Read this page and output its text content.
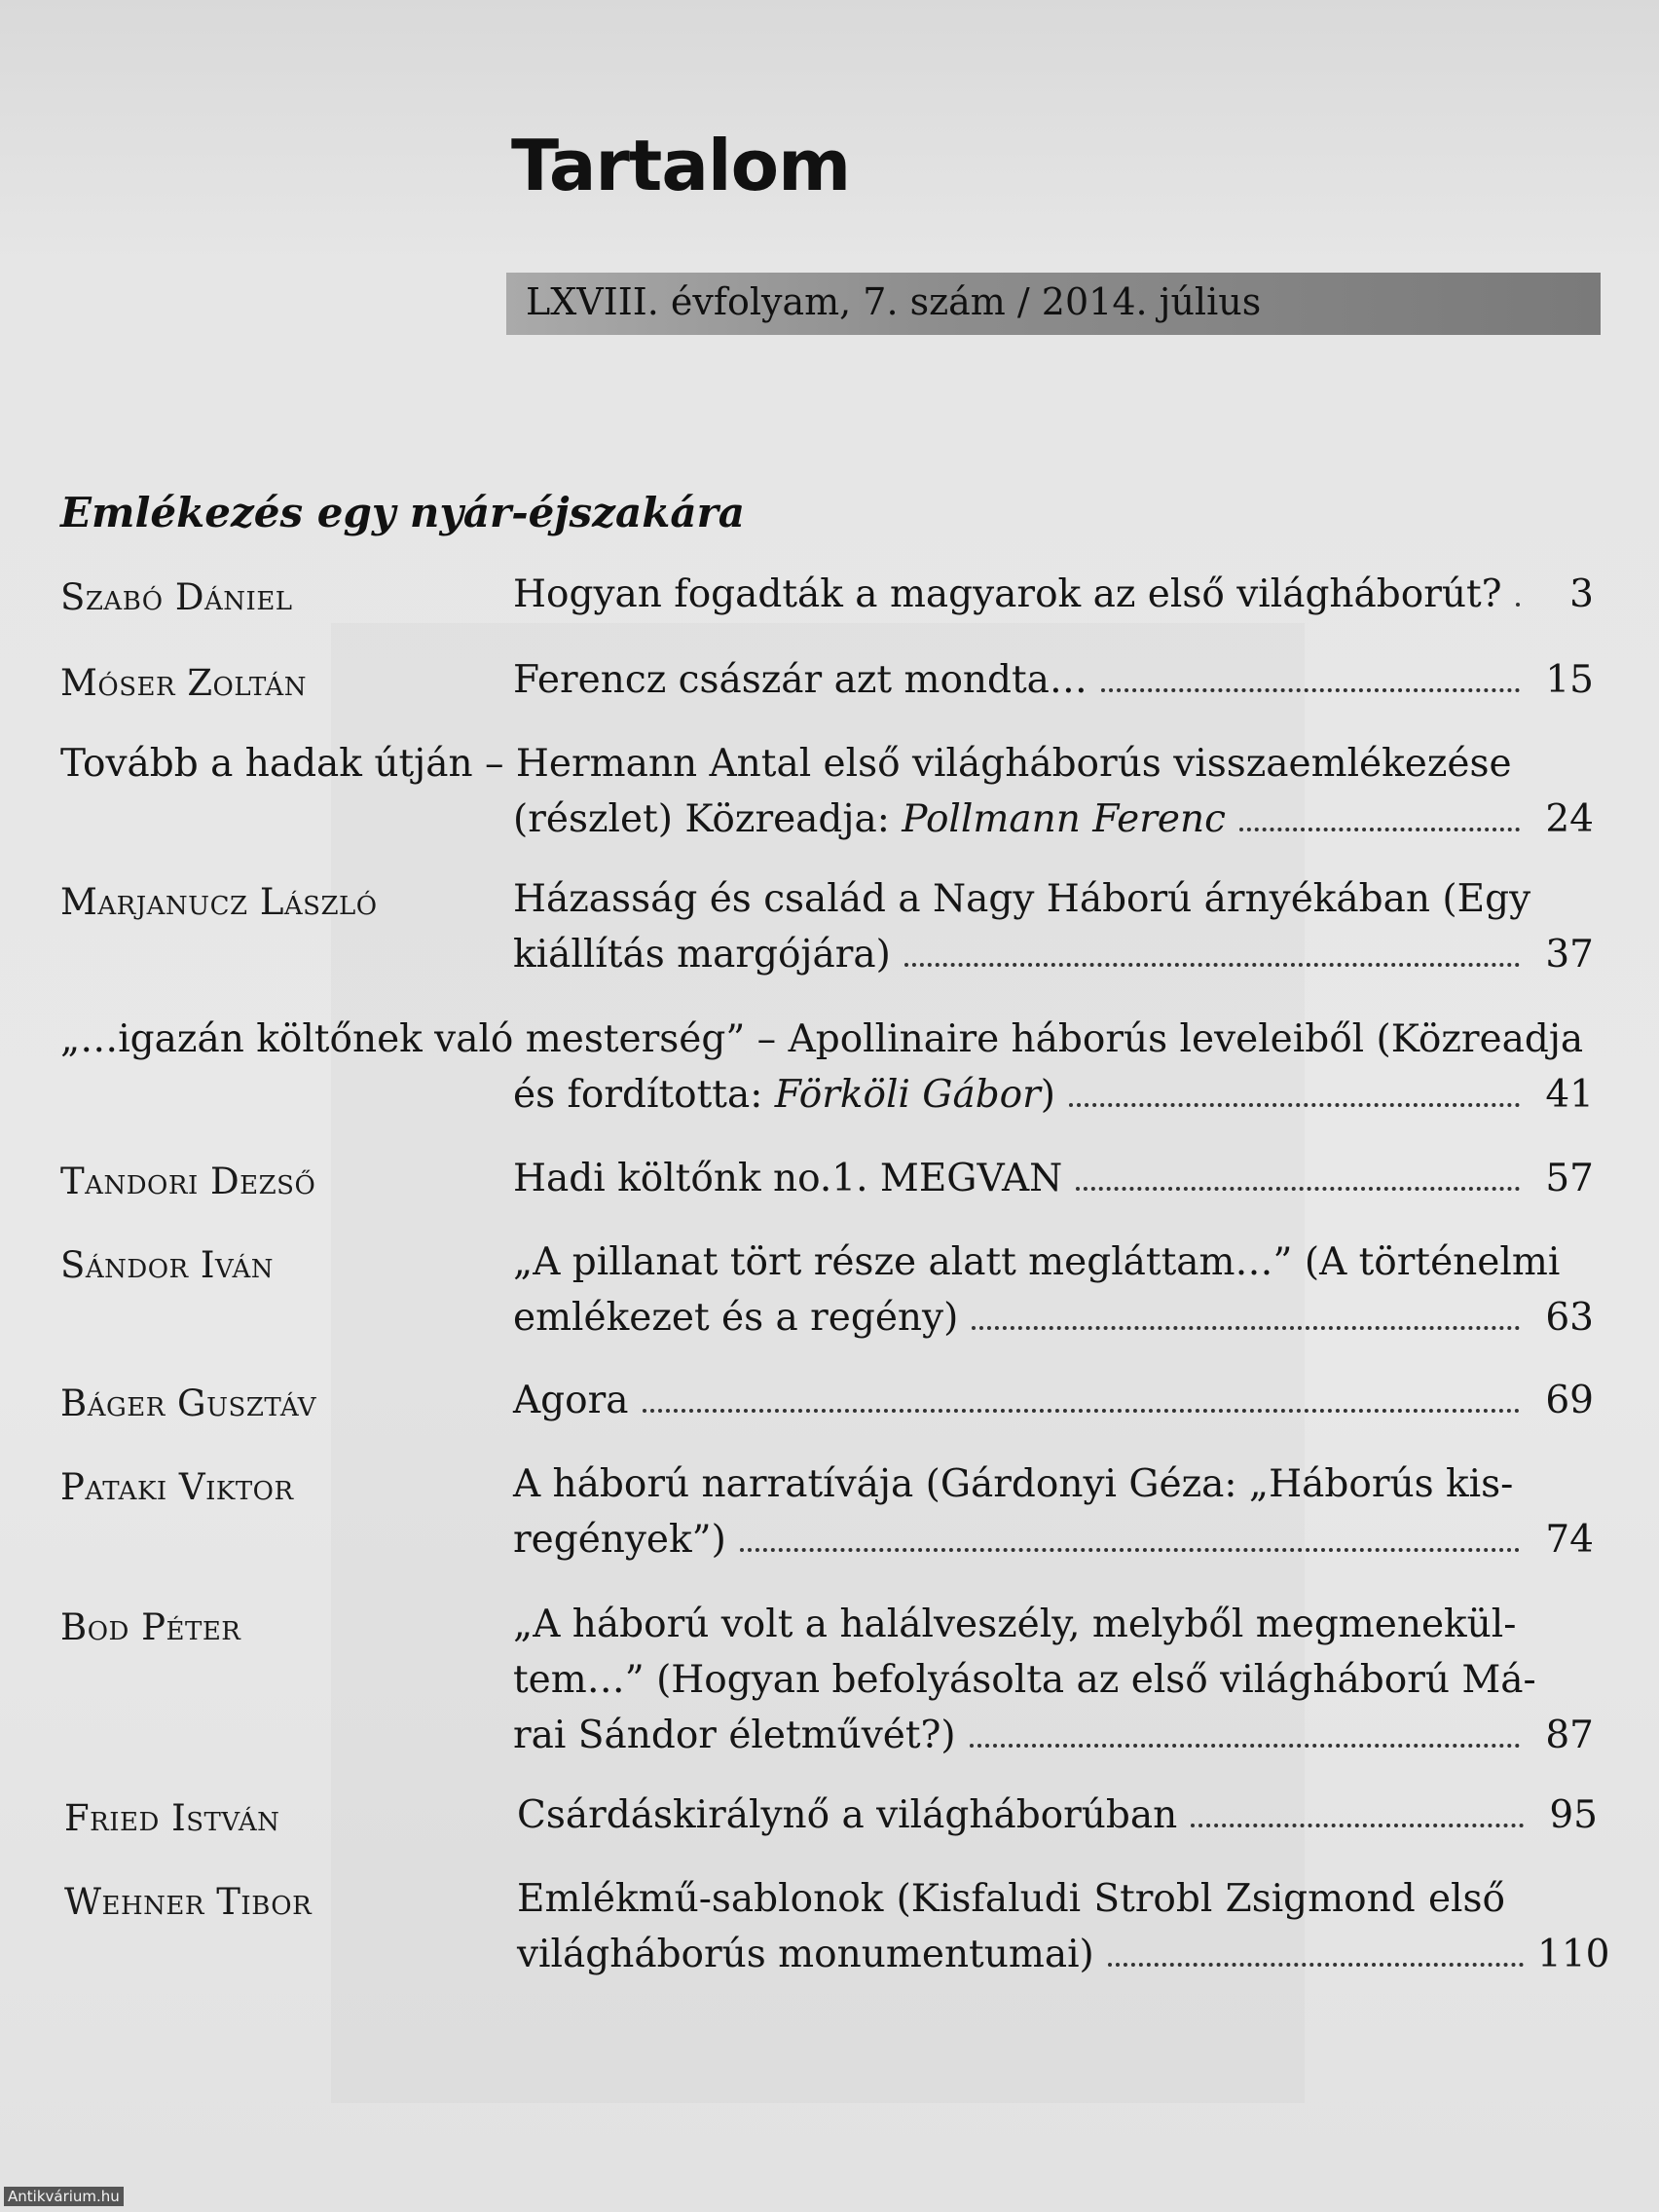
Tartalom
LXVIII. évfolyam, 7. szám / 2014. július
Emlékezés egy nyár-éjszakára
Szabó Dániel	Hogyan fogadták a magyarok az első világháborút?	3
Móser Zoltán	Ferencz császár azt mondta…	15
Tovább a hadak útján – Hermann Antal első világháborús visszaemlékezése
(részlet) Közreadja: Pollmann Ferenc	24
Marjanucz László	Házasság és család a Nagy Háború árnyékában (Egy
kiállítás margójára)	37
„…igazán költőnek való mesterség” – Apollinaire háborús leveleiből (Közreadja
és fordította: Förköli Gábor)	41
Tandori Dezső	Hadi költőnk no.1. MEGVAN	57
Sándor Iván	„A pillanat tört része alatt megláttam…” (A történelmi
emlékezet és a regény)	63
Báger Gusztáv	Agora	69
Pataki Viktor	A háború narratívája (Gárdonyi Géza: „Háborús kis-
regények”)	74
Bod Péter	„A háború volt a halálveszély, melyből megmenekül-
tem…” (Hogyan befolyásolta az első világháború Má-
rai Sándor életművét?)	87
Fried István	Csárdáskirálynő a világháborúban	95
Wehner Tibor	Emlékmű-sablonok (Kisfaludi Strobl Zsigmond első
világháborús monumentumai)	110
Antikvárium.hu
